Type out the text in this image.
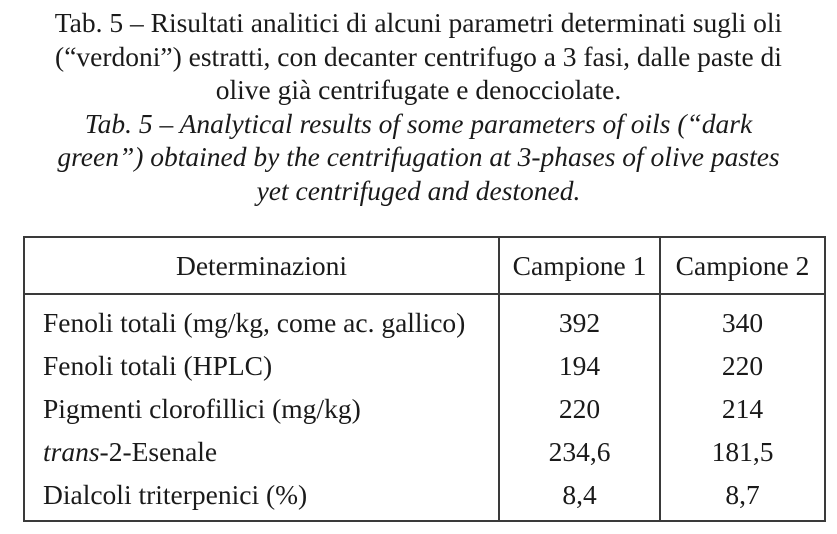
Tab. 5 – Risultati analitici di alcuni parametri determinati sugli oli
(“verdoni”) estratti, con decanter centrifugo a 3 fasi, dalle paste di
olive già centrifugate e denocciolate.
Tab. 5 – Analytical results of some parameters of oils (“dark
green”) obtained by the centrifugation at 3-phases of olive pastes
yet centrifuged and destoned.
Determinazioni	Campione 1	Campione 2
Fenoli totali (mg/kg, come ac. gallico)	392	340
Fenoli totali (HPLC)	194	220
Pigmenti clorofillici (mg/kg)	220	214
trans-2-Esenale	234,6	181,5
Dialcoli triterpenici (%)	8,4	8,7
